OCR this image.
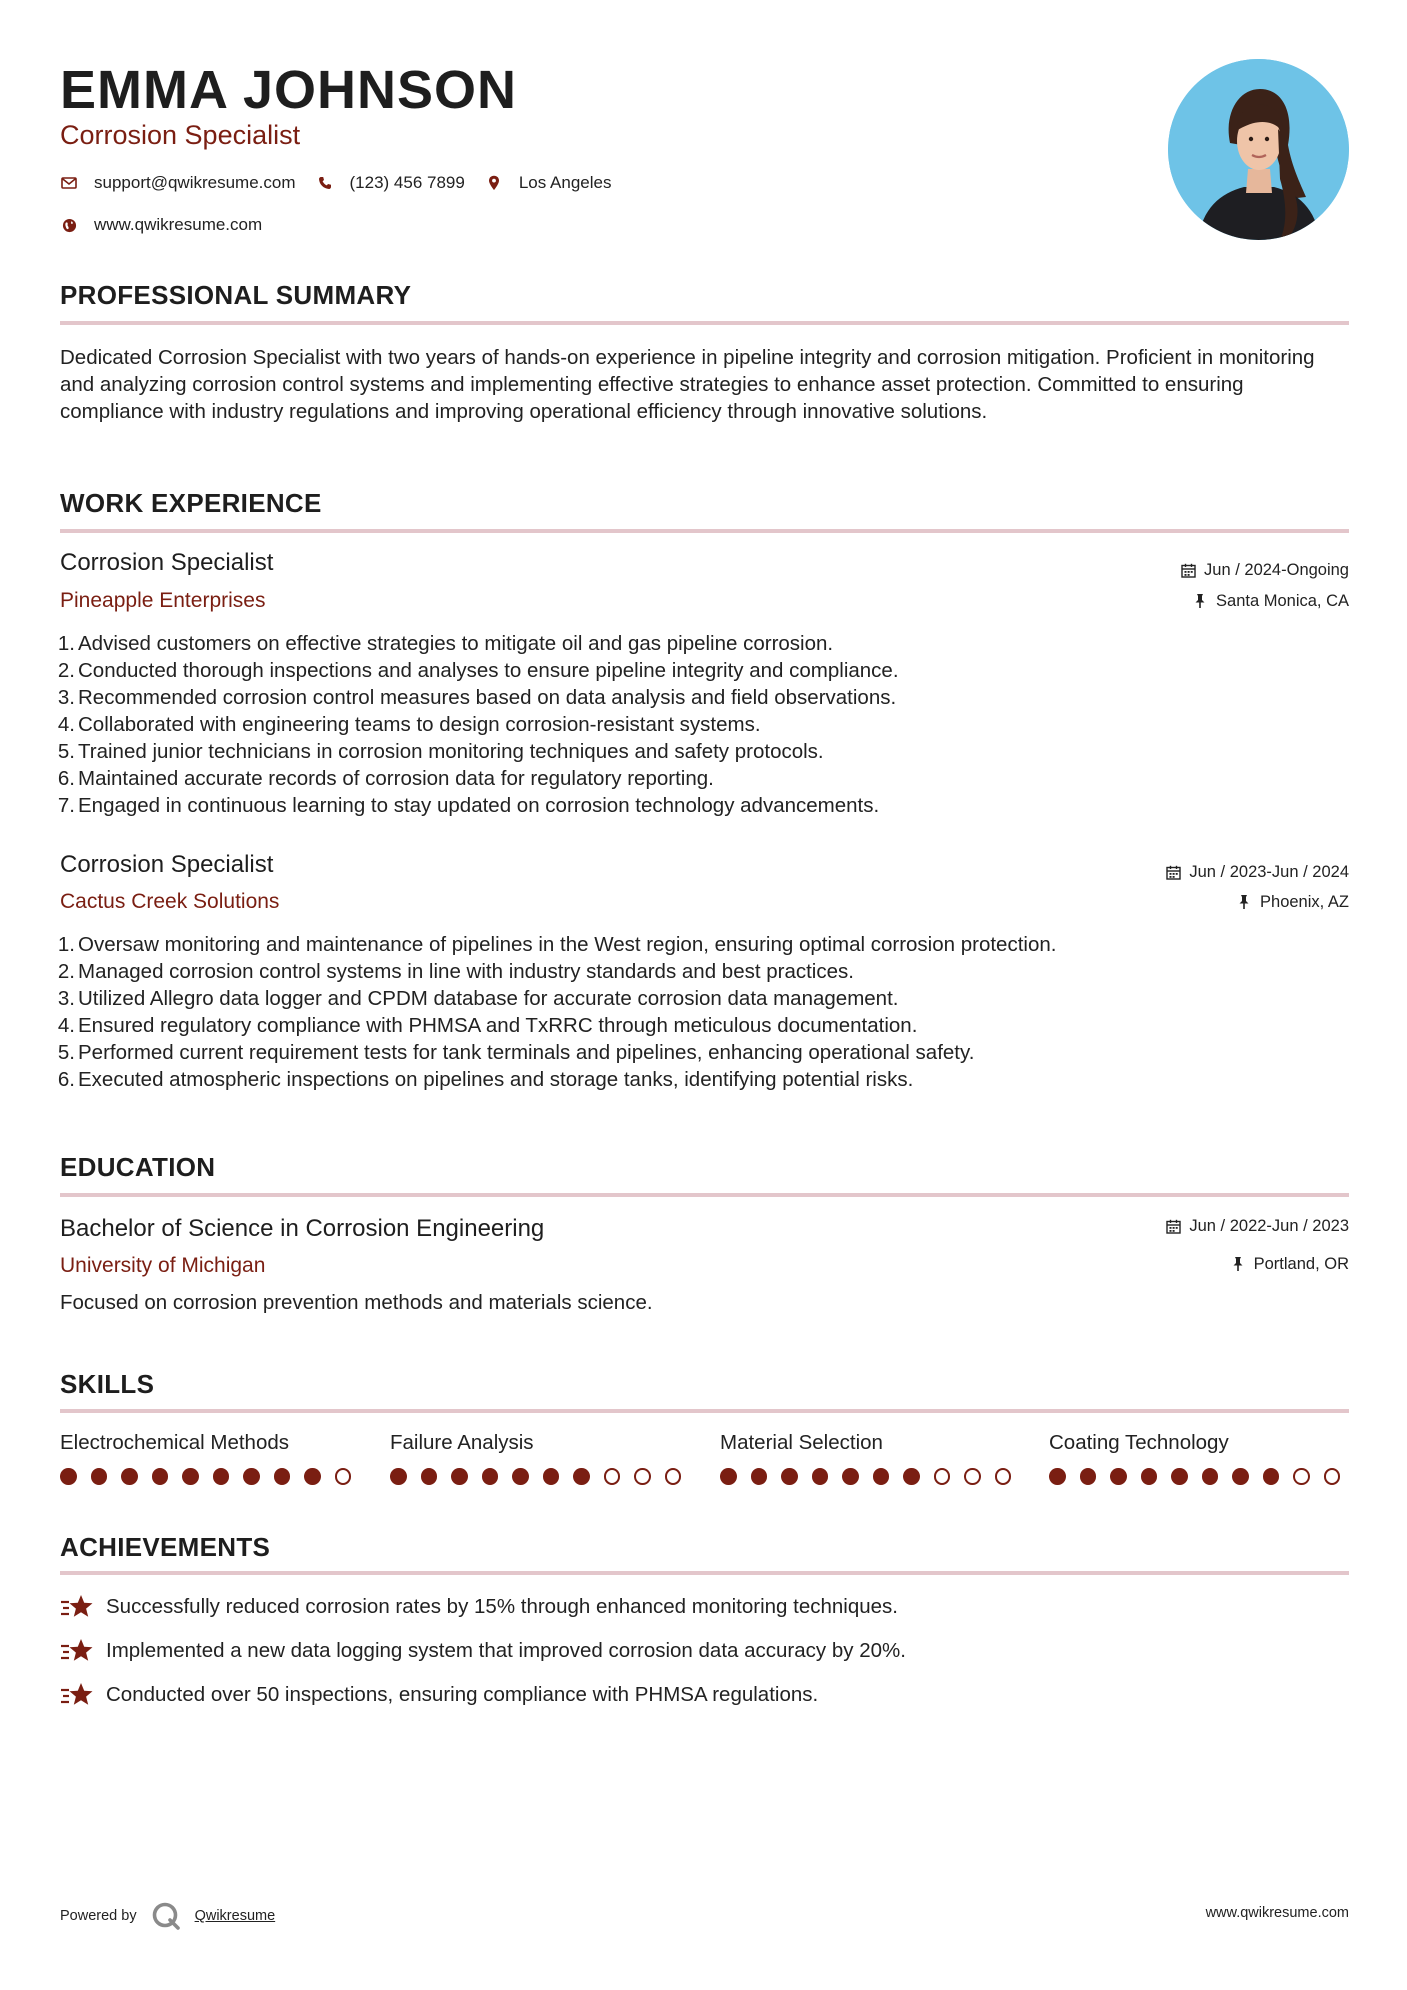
EMMA JOHNSON
Corrosion Specialist
support@qwikresume.com	(123) 456 7899	Los Angeles
www.qwikresume.com
PROFESSIONAL SUMMARY

Dedicated Corrosion Specialist with two years of hands-on experience in pipeline integrity and corrosion mitigation. Proficient in monitoring and analyzing corrosion control systems and implementing effective strategies to enhance asset protection. Committed to ensuring compliance with industry regulations and improving operational efficiency through innovative solutions.

WORK EXPERIENCE
Corrosion Specialist
Pineapple Enterprises
Jun / 2024-Ongoing
Santa Monica, CA
1. Advised customers on effective strategies to mitigate oil and gas pipeline corrosion.
2. Conducted thorough inspections and analyses to ensure pipeline integrity and compliance.
3. Recommended corrosion control measures based on data analysis and field observations.
4. Collaborated with engineering teams to design corrosion-resistant systems.
5. Trained junior technicians in corrosion monitoring techniques and safety protocols.
6. Maintained accurate records of corrosion data for regulatory reporting.
7. Engaged in continuous learning to stay updated on corrosion technology advancements.
Corrosion Specialist
Cactus Creek Solutions
Jun / 2023-Jun / 2024
Phoenix, AZ
1. Oversaw monitoring and maintenance of pipelines in the West region, ensuring optimal corrosion protection.
2. Managed corrosion control systems in line with industry standards and best practices.
3. Utilized Allegro data logger and CPDM database for accurate corrosion data management.
4. Ensured regulatory compliance with PHMSA and TxRRC through meticulous documentation.
5. Performed current requirement tests for tank terminals and pipelines, enhancing operational safety.
6. Executed atmospheric inspections on pipelines and storage tanks, identifying potential risks.
EDUCATION
Bachelor of Science in Corrosion Engineering
University of Michigan
Jun / 2022-Jun / 2023
Portland, OR

Focused on corrosion prevention methods and materials science.

SKILLS
Electrochemical Methods	Failure Analysis	Material Selection	Coating Technology
ACHIEVEMENTS
Successfully reduced corrosion rates by 15% through enhanced monitoring techniques.
Implemented a new data logging system that improved corrosion data accuracy by 20%.
Conducted over 50 inspections, ensuring compliance with PHMSA regulations.
Powered by	Qwikresume	www.qwikresume.com
